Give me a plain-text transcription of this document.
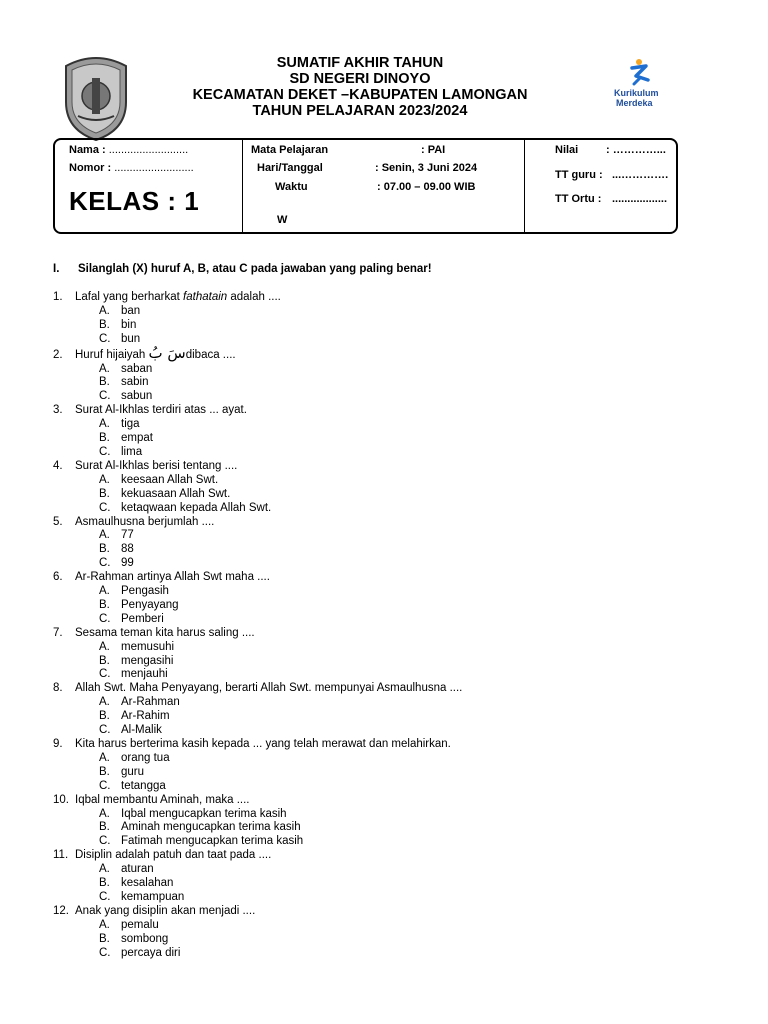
Kurikulum
Merdeka
SUMATIF AKHIR TAHUN
SD NEGERI DINOYO
KECAMATAN DEKET –KABUPATEN LAMONGAN
TAHUN PELAJARAN 2023/2024
Nama : ..........................
Nomor : ..........................
KELAS : 1
Mata Pelajaran	: PAI
Hari/Tanggal	: Senin, 3 Juni 2024
Waktu	: 07.00 – 09.00 WIB
W
Nilai	: …………...
TT guru : ...………….
TT Ortu : ..................
I. Silanglah (X) huruf A, B, atau C pada jawaban yang paling benar!
1. Lafal yang berharkat fathatain adalah ....
A. ban
B. bin
C. bun
2. Huruf hijaiyah سَ بُdibaca ....
A. saban
B. sabin
C. sabun
3. Surat Al-Ikhlas terdiri atas ... ayat.
A. tiga
B. empat
C. lima
4. Surat Al-Ikhlas berisi tentang ....
A. keesaan Allah Swt.
B. kekuasaan Allah Swt.
C. ketaqwaan kepada Allah Swt.
5. Asmaulhusna berjumlah ....
A. 77
B. 88
C. 99
6. Ar-Rahman artinya Allah Swt maha ....
A. Pengasih
B. Penyayang
C. Pemberi
7. Sesama teman kita harus saling ....
A. memusuhi
B. mengasihi
C. menjauhi
8. Allah Swt. Maha Penyayang, berarti Allah Swt. mempunyai Asmaulhusna ....
A. Ar-Rahman
B. Ar-Rahim
C. Al-Malik
9. Kita harus berterima kasih kepada ... yang telah merawat dan melahirkan.
A. orang tua
B. guru
C. tetangga
10. Iqbal membantu Aminah, maka ....
A. Iqbal mengucapkan terima kasih
B. Aminah mengucapkan terima kasih
C. Fatimah mengucapkan terima kasih
11. Disiplin adalah patuh dan taat pada ....
A. aturan
B. kesalahan
C. kemampuan
12. Anak yang disiplin akan menjadi ....
A. pemalu
B. sombong
C. percaya diri
